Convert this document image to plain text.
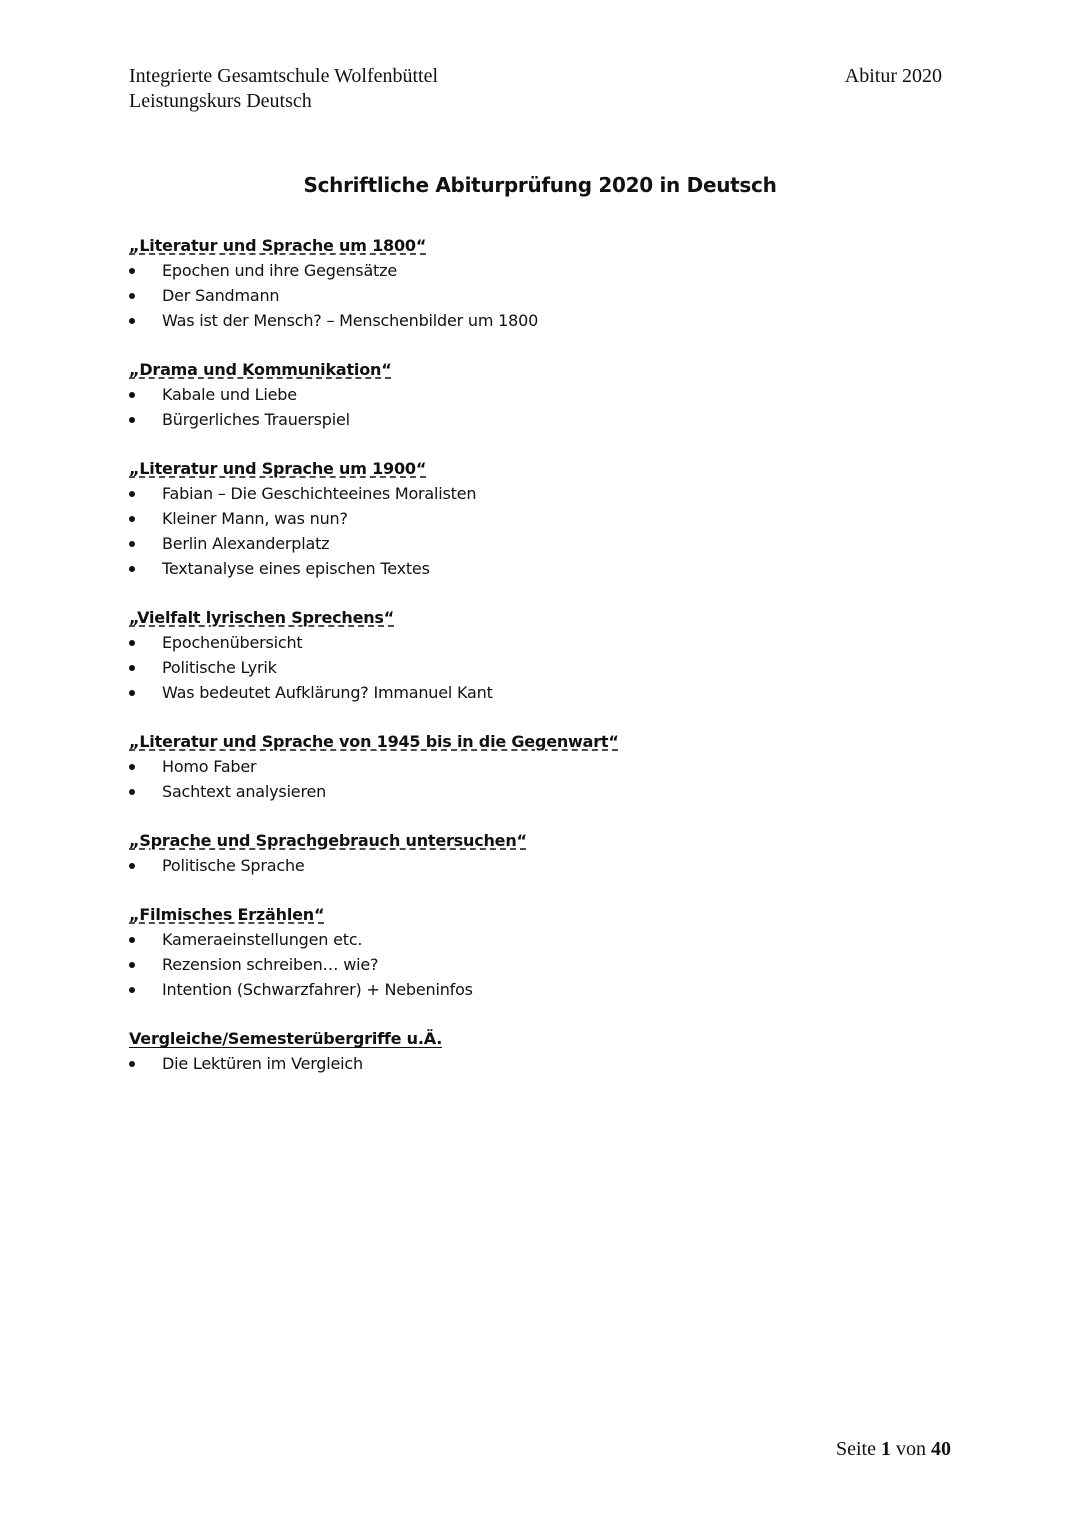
Integrierte Gesamtschule Wolfenbüttel
Leistungskurs Deutsch
Abitur 2020
Schriftliche Abiturprüfung 2020 in Deutsch
„Literatur und Sprache um 1800“
Epochen und ihre Gegensätze
Der Sandmann
Was ist der Mensch? – Menschenbilder um 1800
„Drama und Kommunikation“
Kabale und Liebe
Bürgerliches Trauerspiel
„Literatur und Sprache um 1900“
Fabian – Die Geschichteeines Moralisten
Kleiner Mann, was nun?
Berlin Alexanderplatz
Textanalyse eines epischen Textes
„Vielfalt lyrischen Sprechens“
Epochenübersicht
Politische Lyrik
Was bedeutet Aufklärung? Immanuel Kant
„Literatur und Sprache von 1945 bis in die Gegenwart“
Homo Faber
Sachtext analysieren
„Sprache und Sprachgebrauch untersuchen“
Politische Sprache
„Filmisches Erzählen“
Kameraeinstellungen etc.
Rezension schreiben… wie?
Intention (Schwarzfahrer) + Nebeninfos
Vergleiche/Semesterübergriffe u.Ä.
Die Lektüren im Vergleich
Seite 1 von 40
